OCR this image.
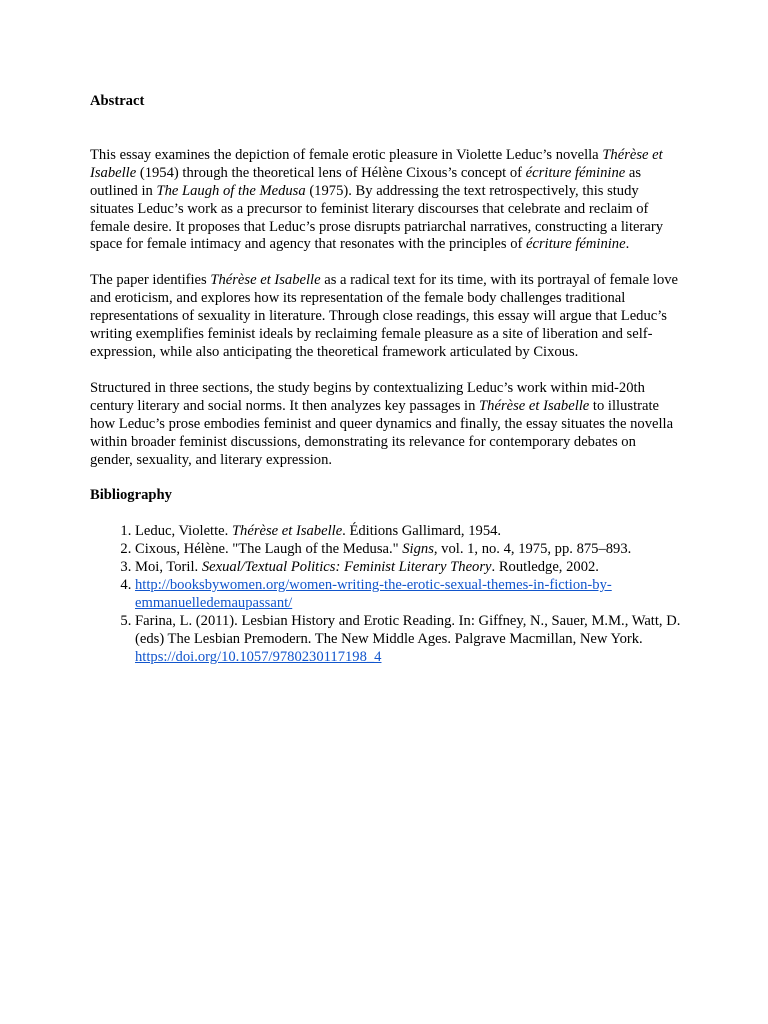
Abstract

This essay examines the depiction of female erotic pleasure in Violette Leduc’s novella Thérèse et Isabelle (1954) through the theoretical lens of Hélène Cixous’s concept of écriture féminine as outlined in The Laugh of the Medusa (1975). By addressing the text retrospectively, this study situates Leduc’s work as a precursor to feminist literary discourses that celebrate and reclaim of female desire. It proposes that Leduc’s prose disrupts patriarchal narratives, constructing a literary space for female intimacy and agency that resonates with the principles of écriture féminine.

The paper identifies Thérèse et Isabelle as a radical text for its time, with its portrayal of female love and eroticism, and explores how its representation of the female body challenges traditional representations of sexuality in literature. Through close readings, this essay will argue that Leduc’s writing exemplifies feminist ideals by reclaiming female pleasure as a site of liberation and self-expression, while also anticipating the theoretical framework articulated by Cixous.

Structured in three sections, the study begins by contextualizing Leduc’s work within mid-20th century literary and social norms. It then analyzes key passages in Thérèse et Isabelle to illustrate how Leduc’s prose embodies feminist and queer dynamics and finally, the essay situates the novella within broader feminist discussions, demonstrating its relevance for contemporary debates on gender, sexuality, and literary expression.

Bibliography

1. Leduc, Violette. Thérèse et Isabelle. Éditions Gallimard, 1954.
2. Cixous, Hélène. "The Laugh of the Medusa." Signs, vol. 1, no. 4, 1975, pp. 875–893.
3. Moi, Toril. Sexual/Textual Politics: Feminist Literary Theory. Routledge, 2002.
4. http://booksbywomen.org/women-writing-the-erotic-sexual-themes-in-fiction-by-emmanuelledemaupassant/
5. Farina, L. (2011). Lesbian History and Erotic Reading. In: Giffney, N., Sauer, M.M., Watt, D. (eds) The Lesbian Premodern. The New Middle Ages. Palgrave Macmillan, New York. https://doi.org/10.1057/9780230117198_4
